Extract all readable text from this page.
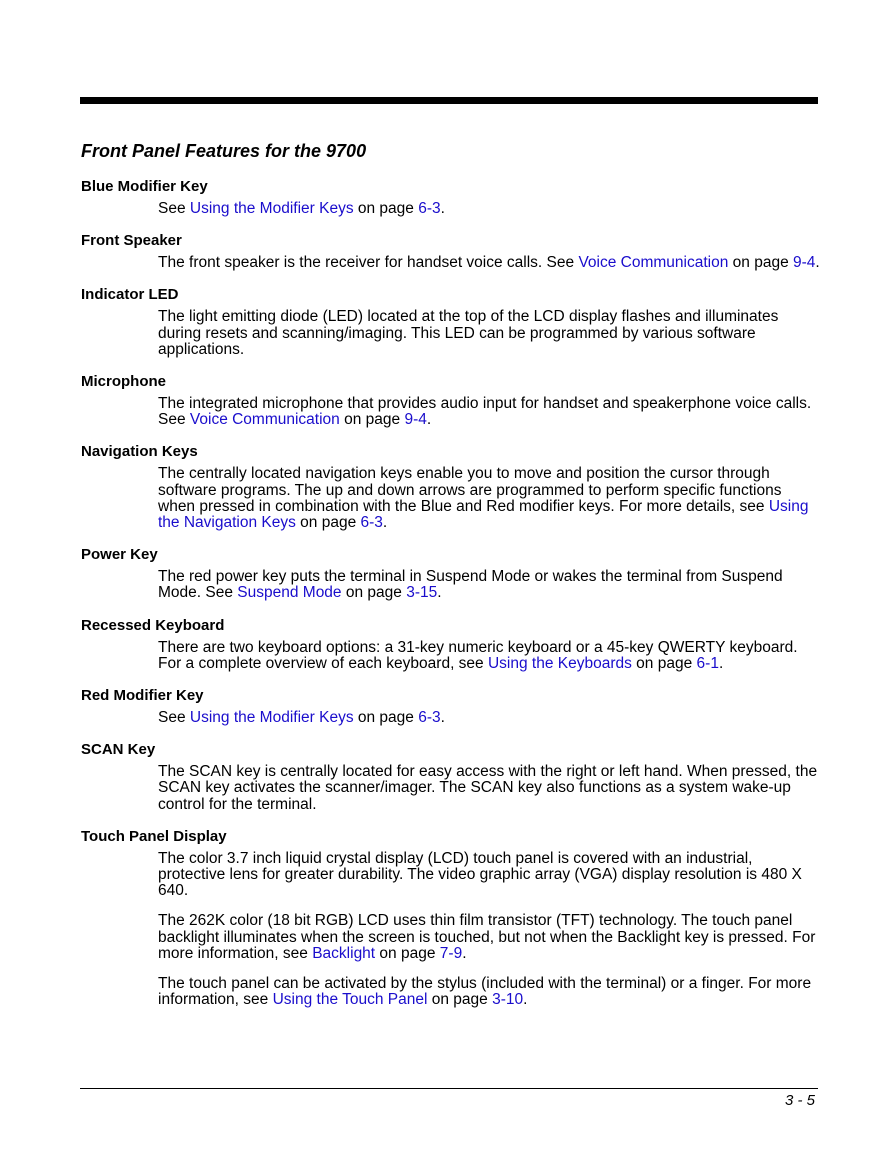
Front Panel Features for the 9700
Blue Modifier Key

See Using the Modifier Keys on page 6-3.

Front Speaker

The front speaker is the receiver for handset voice calls. See Voice Communication on page 9-4.

Indicator LED

The light emitting diode (LED) located at the top of the LCD display flashes and illuminates during resets and scanning/imaging. This LED can be programmed by various software applications.

Microphone

The integrated microphone that provides audio input for handset and speakerphone voice calls. See Voice Communication on page 9-4.

Navigation Keys

The centrally located navigation keys enable you to move and position the cursor through software programs. The up and down arrows are programmed to perform specific functions when pressed in combination with the Blue and Red modifier keys. For more details, see Using the Navigation Keys on page 6-3.

Power Key

The red power key puts the terminal in Suspend Mode or wakes the terminal from Suspend Mode. See Suspend Mode on page 3-15.

Recessed Keyboard

There are two keyboard options: a 31-key numeric keyboard or a 45-key QWERTY keyboard. For a complete overview of each keyboard, see Using the Keyboards on page 6-1.

Red Modifier Key

See Using the Modifier Keys on page 6-3.

SCAN Key

The SCAN key is centrally located for easy access with the right or left hand. When pressed, the SCAN key activates the scanner/imager. The SCAN key also functions as a system wake-up control for the terminal.

Touch Panel Display

The color 3.7 inch liquid crystal display (LCD) touch panel is covered with an industrial, protective lens for greater durability. The video graphic array (VGA) display resolution is 480 X 640.

The 262K color (18 bit RGB) LCD uses thin film transistor (TFT) technology. The touch panel backlight illuminates when the screen is touched, but not when the Backlight key is pressed. For more information, see Backlight on page 7-9.

The touch panel can be activated by the stylus (included with the terminal) or a finger. For more information, see Using the Touch Panel on page 3-10.

3 - 5
